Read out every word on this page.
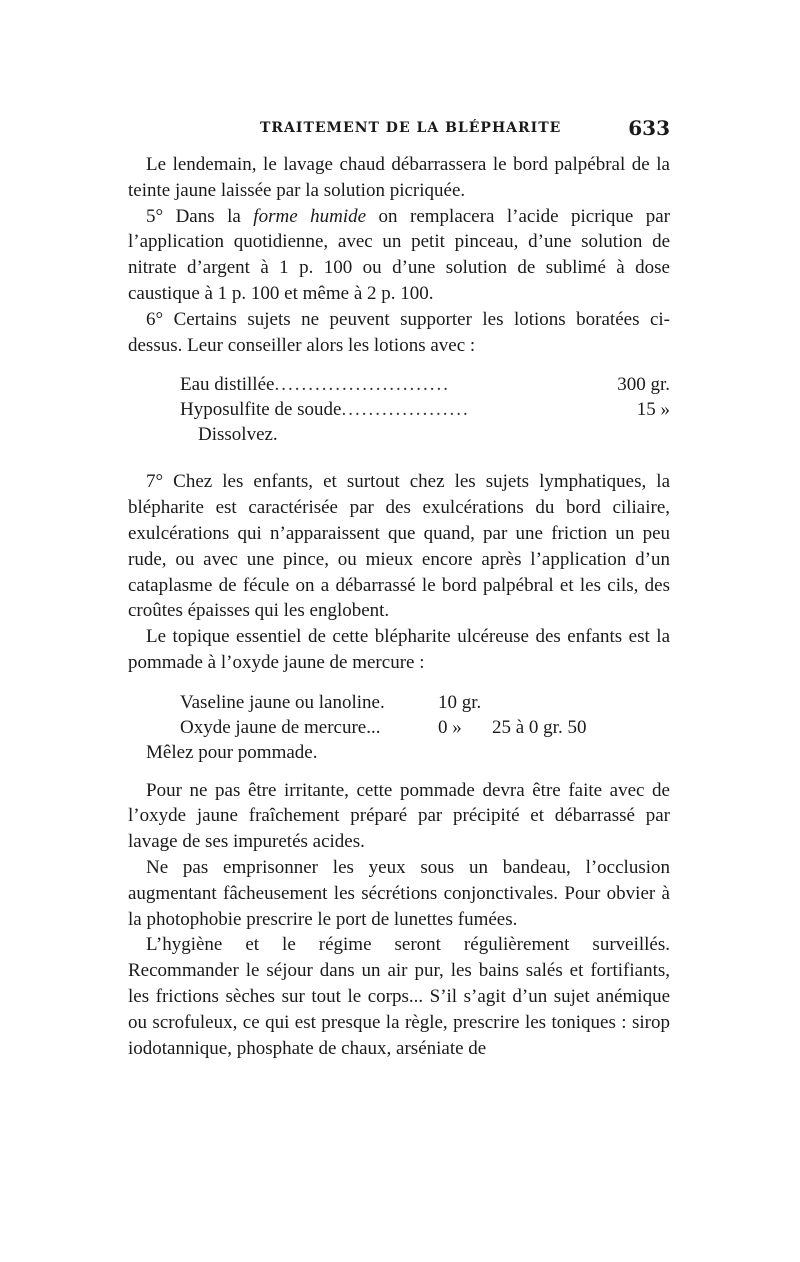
TRAITEMENT DE LA BLÉPHARITE	633

Le lendemain, le lavage chaud débarrassera le bord palpébral de la teinte jaune laissée par la solution picriquée.

5° Dans la forme humide on remplacera l’acide picrique par l’application quotidienne, avec un petit pinceau, d’une solution de nitrate d’argent à 1 p. 100 ou d’une solution de sublimé à dose caustique à 1 p. 100 et même à 2 p. 100.

6° Certains sujets ne peuvent supporter les lotions boratées ci-dessus. Leur conseiller alors les lotions avec :

Eau distillée ..........................	300 gr.
Hyposulfite de soude ...................	15 »
Dissolvez.

7° Chez les enfants, et surtout chez les sujets lymphatiques, la blépharite est caractérisée par des exulcérations du bord ciliaire, exulcérations qui n’apparaissent que quand, par une friction un peu rude, ou avec une pince, ou mieux encore après l’application d’un cataplasme de fécule on a débarrassé le bord palpébral et les cils, des croûtes épaisses qui les englobent.

Le topique essentiel de cette blépharite ulcéreuse des enfants est la pommade à l’oxyde jaune de mercure :

Vaseline jaune ou lanoline.	10 gr.
Oxyde jaune de mercure...	0 »	25 à 0 gr. 50

Mêlez pour pommade.

Pour ne pas être irritante, cette pommade devra être faite avec de l’oxyde jaune fraîchement préparé par précipité et débarrassé par lavage de ses impuretés acides.

Ne pas emprisonner les yeux sous un bandeau, l’occlusion augmentant fâcheusement les sécrétions conjonctivales. Pour obvier à la photophobie prescrire le port de lunettes fumées.

L’hygiène et le régime seront régulièrement surveillés. Recommander le séjour dans un air pur, les bains salés et fortifiants, les frictions sèches sur tout le corps... S’il s’agit d’un sujet anémique ou scrofuleux, ce qui est presque la règle, prescrire les toniques : sirop iodotannique, phosphate de chaux, arséniate de
